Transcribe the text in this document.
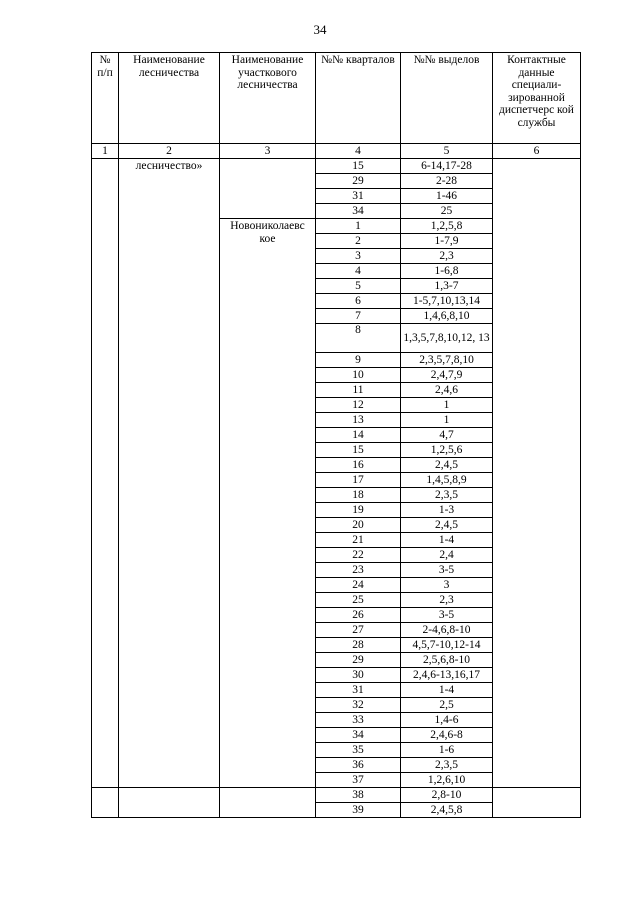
34
№ п/п	Наименование лесничества	Наименование участкового лесничества	№№ кварталов	№№ выделов	Контактные данные специали- зированной диспетчерс кой службы
1	2	3	4	5	6
	лесничество»		15	6-14,17-28	
			29	2-28	
			31	1-46	
			34	25	
		Новониколаевс кое	1	1,2,5,8	
			2	1-7,9	
			3	2,3	
			4	1-6,8	
			5	1,3-7	
			6	1-5,7,10,13,14	
			7	1,4,6,8,10	
			8	1,3,5,7,8,10,12, 13	
			9	2,3,5,7,8,10	
			10	2,4,7,9	
			11	2,4,6	
			12	1	
			13	1	
			14	4,7	
			15	1,2,5,6	
			16	2,4,5	
			17	1,4,5,8,9	
			18	2,3,5	
			19	1-3	
			20	2,4,5	
			21	1-4	
			22	2,4	
			23	3-5	
			24	3	
			25	2,3	
			26	3-5	
			27	2-4,6,8-10	
			28	4,5,7-10,12-14	
			29	2,5,6,8-10	
			30	2,4,6-13,16,17	
			31	1-4	
			32	2,5	
			33	1,4-6	
			34	2,4,6-8	
			35	1-6	
			36	2,3,5	
			37	1,2,6,10	
			38	2,8-10	
			39	2,4,5,8	
